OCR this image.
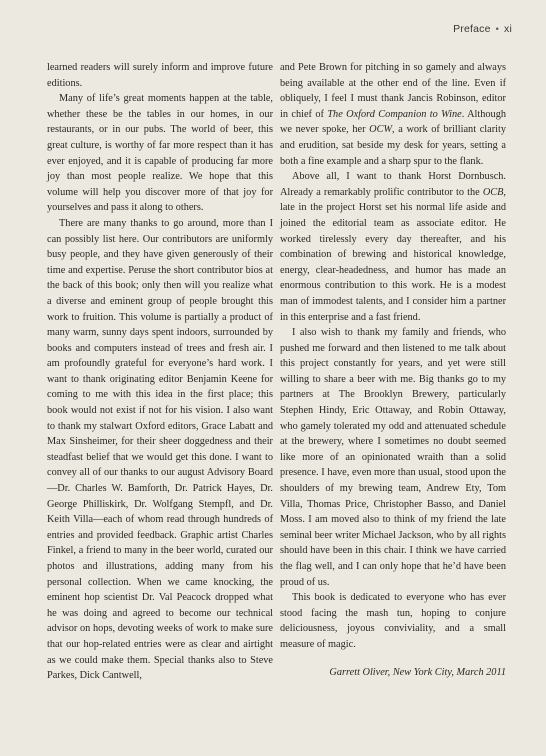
Preface • xi

learned readers will surely inform and improve future editions.

Many of life’s great moments happen at the table, whether these be the tables in our homes, in our restaurants, or in our pubs. The world of beer, this great culture, is worthy of far more respect than it has ever enjoyed, and it is capable of producing far more joy than most people realize. We hope that this volume will help you discover more of that joy for yourselves and pass it along to others.

There are many thanks to go around, more than I can possibly list here. Our contributors are uniformly busy people, and they have given generously of their time and expertise. Peruse the short contributor bios at the back of this book; only then will you realize what a diverse and eminent group of people brought this work to fruition. This volume is partially a product of many warm, sunny days spent indoors, surrounded by books and computers instead of trees and fresh air. I am profoundly grateful for everyone’s hard work. I want to thank originating editor Benjamin Keene for coming to me with this idea in the first place; this book would not exist if not for his vision. I also want to thank my stalwart Oxford editors, Grace Labatt and Max Sinsheimer, for their sheer doggedness and their steadfast belief that we would get this done. I want to convey all of our thanks to our august Advisory Board—Dr. Charles W. Bamforth, Dr. Patrick Hayes, Dr. George Philliskirk, Dr. Wolfgang Stempfl, and Dr. Keith Villa—each of whom read through hundreds of entries and provided feedback. Graphic artist Charles Finkel, a friend to many in the beer world, curated our photos and illustrations, adding many from his personal collection. When we came knocking, the eminent hop scientist Dr. Val Peacock dropped what he was doing and agreed to become our technical advisor on hops, devoting weeks of work to make sure that our hop-related entries were as clear and airtight as we could make them. Special thanks also to Steve Parkes, Dick Cantwell,

and Pete Brown for pitching in so gamely and always being available at the other end of the line. Even if obliquely, I feel I must thank Jancis Robinson, editor in chief of The Oxford Companion to Wine. Although we never spoke, her OCW, a work of brilliant clarity and erudition, sat beside my desk for years, setting a both a fine example and a sharp spur to the flank.

Above all, I want to thank Horst Dornbusch. Already a remarkably prolific contributor to the OCB, late in the project Horst set his normal life aside and joined the editorial team as associate editor. He worked tirelessly every day thereafter, and his combination of brewing and historical knowledge, energy, clear-headedness, and humor has made an enormous contribution to this work. He is a modest man of immodest talents, and I consider him a partner in this enterprise and a fast friend.

I also wish to thank my family and friends, who pushed me forward and then listened to me talk about this project constantly for years, and yet were still willing to share a beer with me. Big thanks go to my partners at The Brooklyn Brewery, particularly Stephen Hindy, Eric Ottaway, and Robin Ottaway, who gamely tolerated my odd and attenuated schedule at the brewery, where I sometimes no doubt seemed like more of an opinionated wraith than a solid presence. I have, even more than usual, stood upon the shoulders of my brewing team, Andrew Ety, Tom Villa, Thomas Price, Christopher Basso, and Daniel Moss. I am moved also to think of my friend the late seminal beer writer Michael Jackson, who by all rights should have been in this chair. I think we have carried the flag well, and I can only hope that he’d have been proud of us.

This book is dedicated to everyone who has ever stood facing the mash tun, hoping to conjure deliciousness, joyous conviviality, and a small measure of magic.

Garrett Oliver, New York City, March 2011
